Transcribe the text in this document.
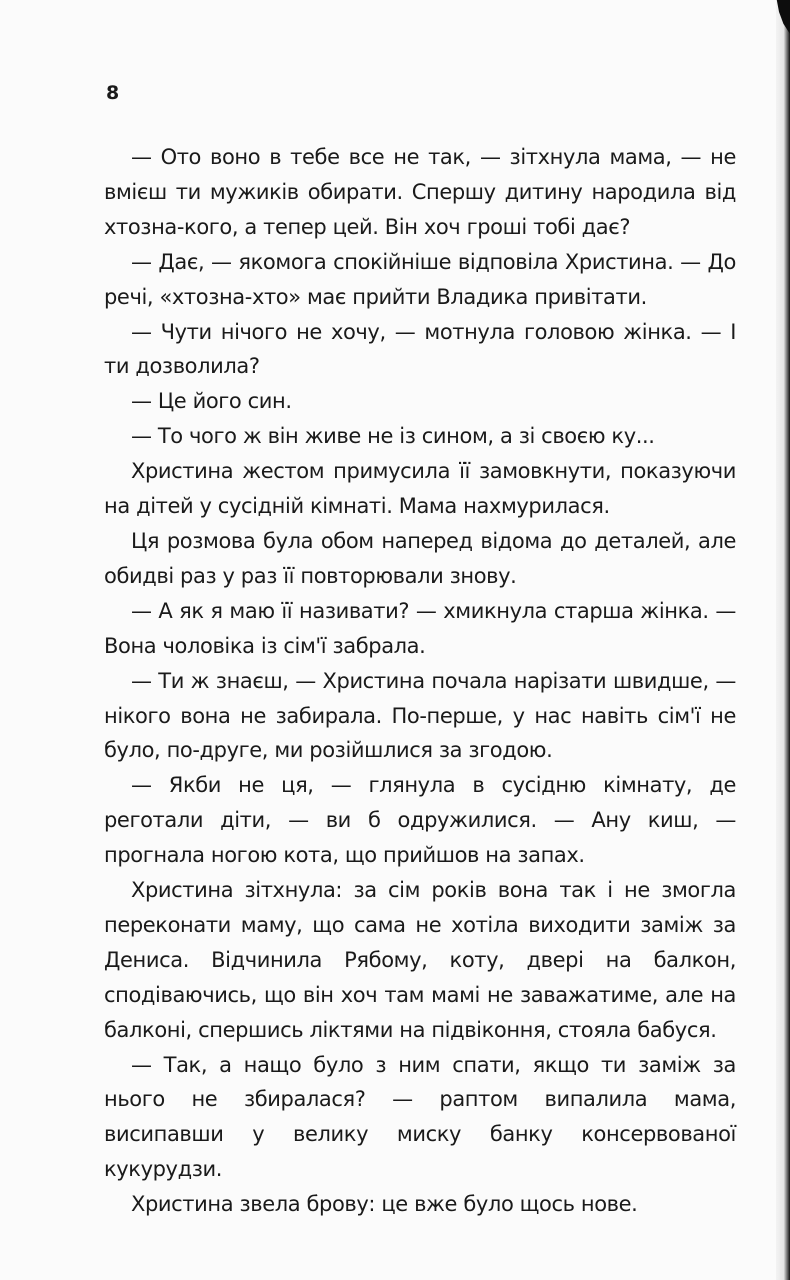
8

— Ото воно в тебе все не так, — зітхнула мама, — не вмієш ти мужиків обирати. Спершу дитину народила від хтозна-кого, а тепер цей. Він хоч гроші тобі дає?

— Дає, — якомога спокійніше відповіла Христина. — До речі, «хтозна-хто» має прийти Владика привітати.

— Чути нічого не хочу, — мотнула головою жінка. — І ти дозволила?

— Це його син.

— То чого ж він живе не із сином, а зі своєю ку...

Христина жестом примусила її замовкнути, показуючи на дітей у сусідній кімнаті. Мама нахмурилася.

Ця розмова була обом наперед відома до деталей, але обидві раз у раз її повторювали знову.

— А як я маю її називати? — хмикнула старша жінка. — Вона чоловіка із сім'ї забрала.

— Ти ж знаєш, — Христина почала нарізати швидше, — нікого вона не забирала. По-перше, у нас навіть сім'ї не було, по-друге, ми розійшлися за згодою.

— Якби не ця, — глянула в сусідню кімнату, де реготали діти, — ви б одружилися. — Ану киш, — прогнала ногою кота, що прийшов на запах.

Христина зітхнула: за сім років вона так і не змогла переконати маму, що сама не хотіла виходити заміж за Дениса. Відчинила Рябому, коту, двері на балкон, сподіваючись, що він хоч там мамі не заважатиме, але на балконі, спершись ліктями на підвіконня, стояла бабуся.

— Так, а нащо було з ним спати, якщо ти заміж за нього не збиралася? — раптом випалила мама, висипавши у велику миску банку консервованої кукурудзи.

Христина звела брову: це вже було щось нове.
